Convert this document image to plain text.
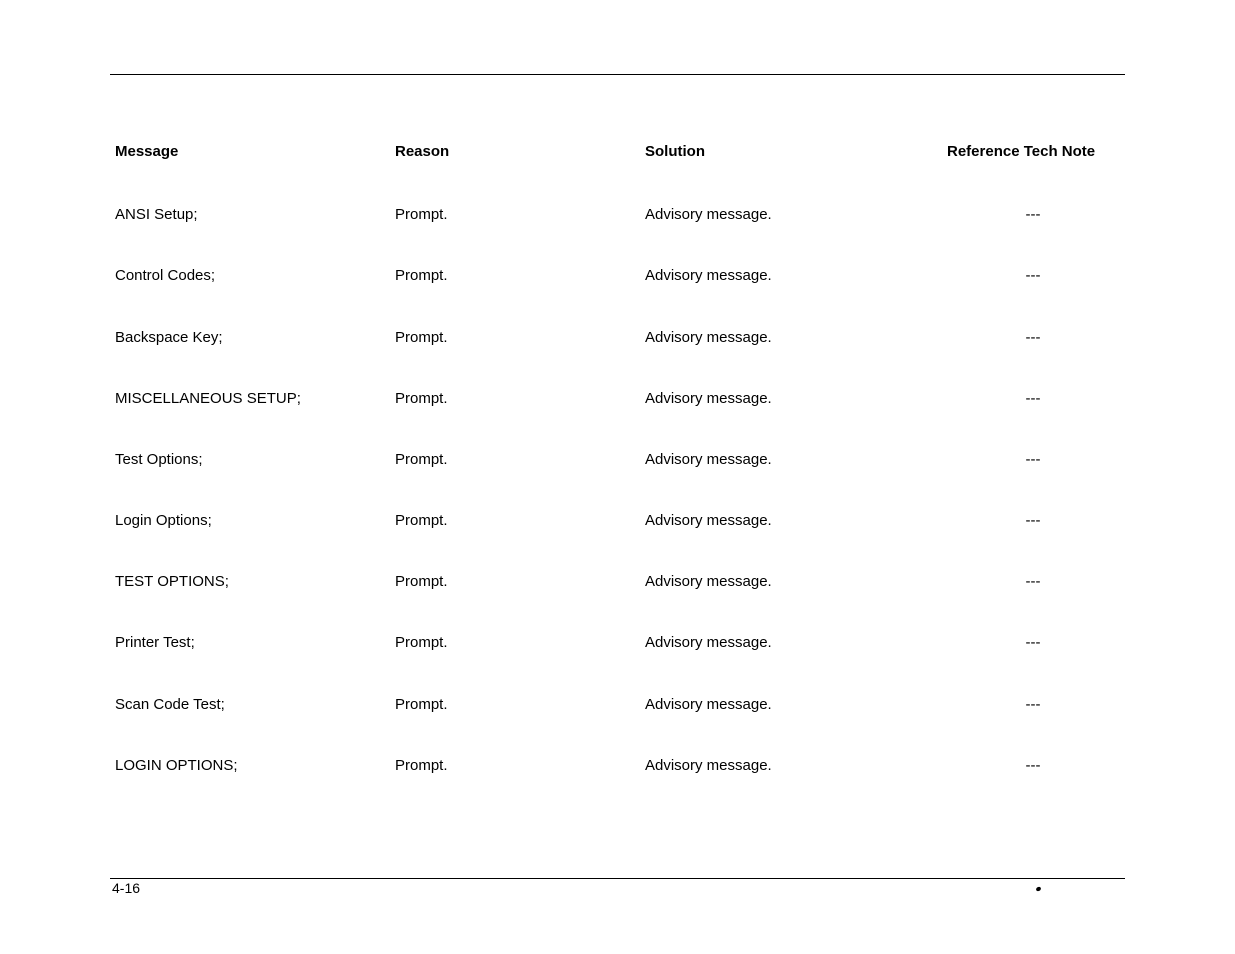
Message	Reason	Solution	Reference Tech Note
ANSI Setup;	Prompt.	Advisory message.	---
Control Codes;	Prompt.	Advisory message.	---
Backspace Key;	Prompt.	Advisory message.	---
MISCELLANEOUS SETUP;	Prompt.	Advisory message.	---
Test Options;	Prompt.	Advisory message.	---
Login Options;	Prompt.	Advisory message.	---
TEST OPTIONS;	Prompt.	Advisory message.	---
Printer Test;	Prompt.	Advisory message.	---
Scan Code Test;	Prompt.	Advisory message.	---
LOGIN OPTIONS;	Prompt.	Advisory message.	---
4-16
